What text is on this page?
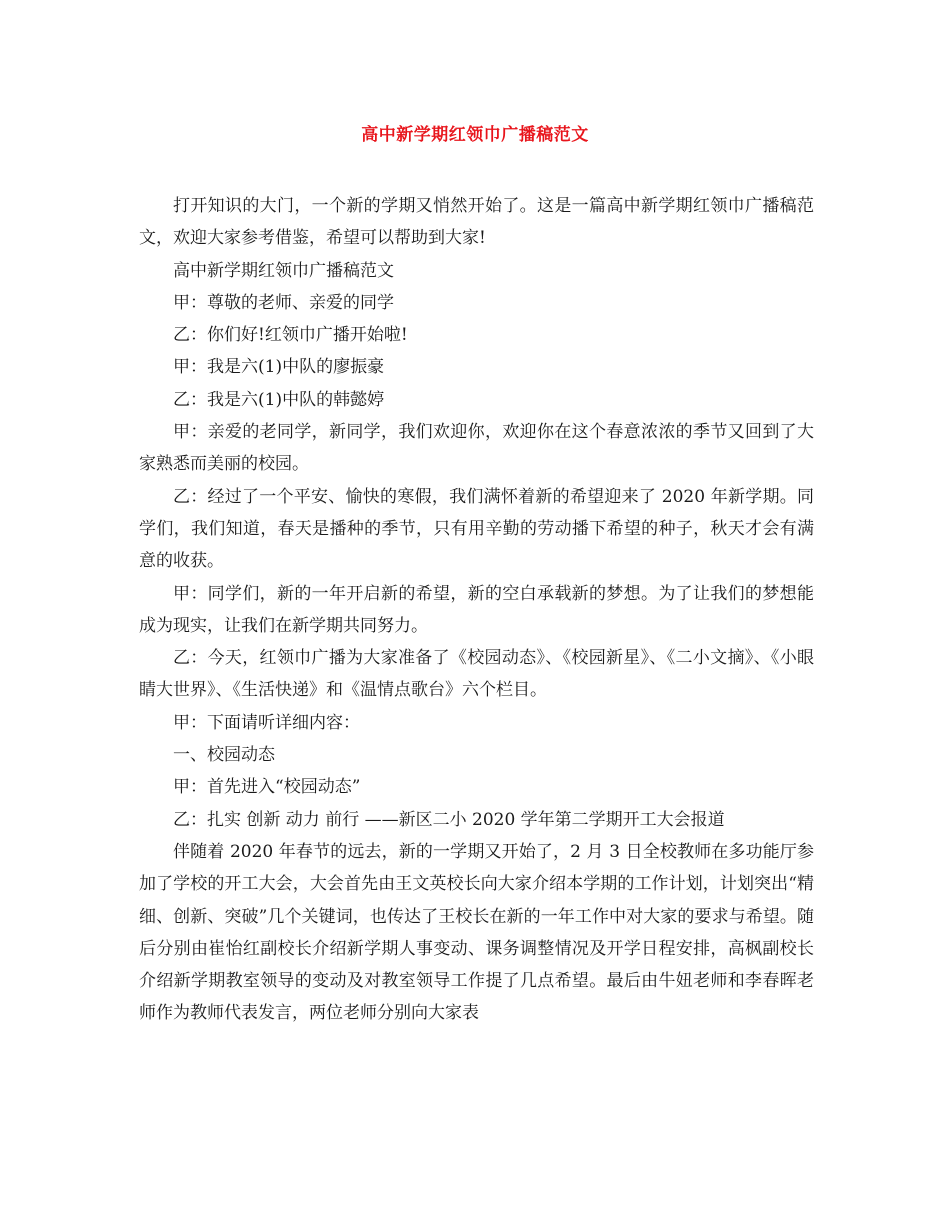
高中新学期红领巾广播稿范文

打开知识的大门，一个新的学期又悄然开始了。这是一篇高中新学期红领巾广播稿范文，欢迎大家参考借鉴，希望可以帮助到大家!

高中新学期红领巾广播稿范文

甲：尊敬的老师、亲爱的同学

乙：你们好!红领巾广播开始啦!

甲：我是六(1)中队的廖振豪

乙：我是六(1)中队的韩懿婷

甲：亲爱的老同学，新同学，我们欢迎你，欢迎你在这个春意浓浓的季节又回到了大家熟悉而美丽的校园。

乙：经过了一个平安、愉快的寒假，我们满怀着新的希望迎来了 2020 年新学期。同学们，我们知道，春天是播种的季节，只有用辛勤的劳动播下希望的种子，秋天才会有满意的收获。

甲：同学们，新的一年开启新的希望，新的空白承载新的梦想。为了让我们的梦想能成为现实，让我们在新学期共同努力。

乙：今天，红领巾广播为大家准备了《校园动态》、《校园新星》、《二小文摘》、《小眼睛大世界》、《生活快递》和《温情点歌台》六个栏目。

甲：下面请听详细内容：

一、校园动态

甲：首先进入“校园动态”

乙：扎实 创新 动力 前行 ——新区二小 2020 学年第二学期开工大会报道

伴随着 2020 年春节的远去，新的一学期又开始了，2 月 3 日全校教师在多功能厅参加了学校的开工大会，大会首先由王文英校长向大家介绍本学期的工作计划，计划突出“精细、创新、突破”几个关键词，也传达了王校长在新的一年工作中对大家的要求与希望。随后分别由崔怡红副校长介绍新学期人事变动、课务调整情况及开学日程安排，高枫副校长介绍新学期教室领导的变动及对教室领导工作提了几点希望。最后由牛妞老师和李春晖老师作为教师代表发言，两位老师分别向大家表
